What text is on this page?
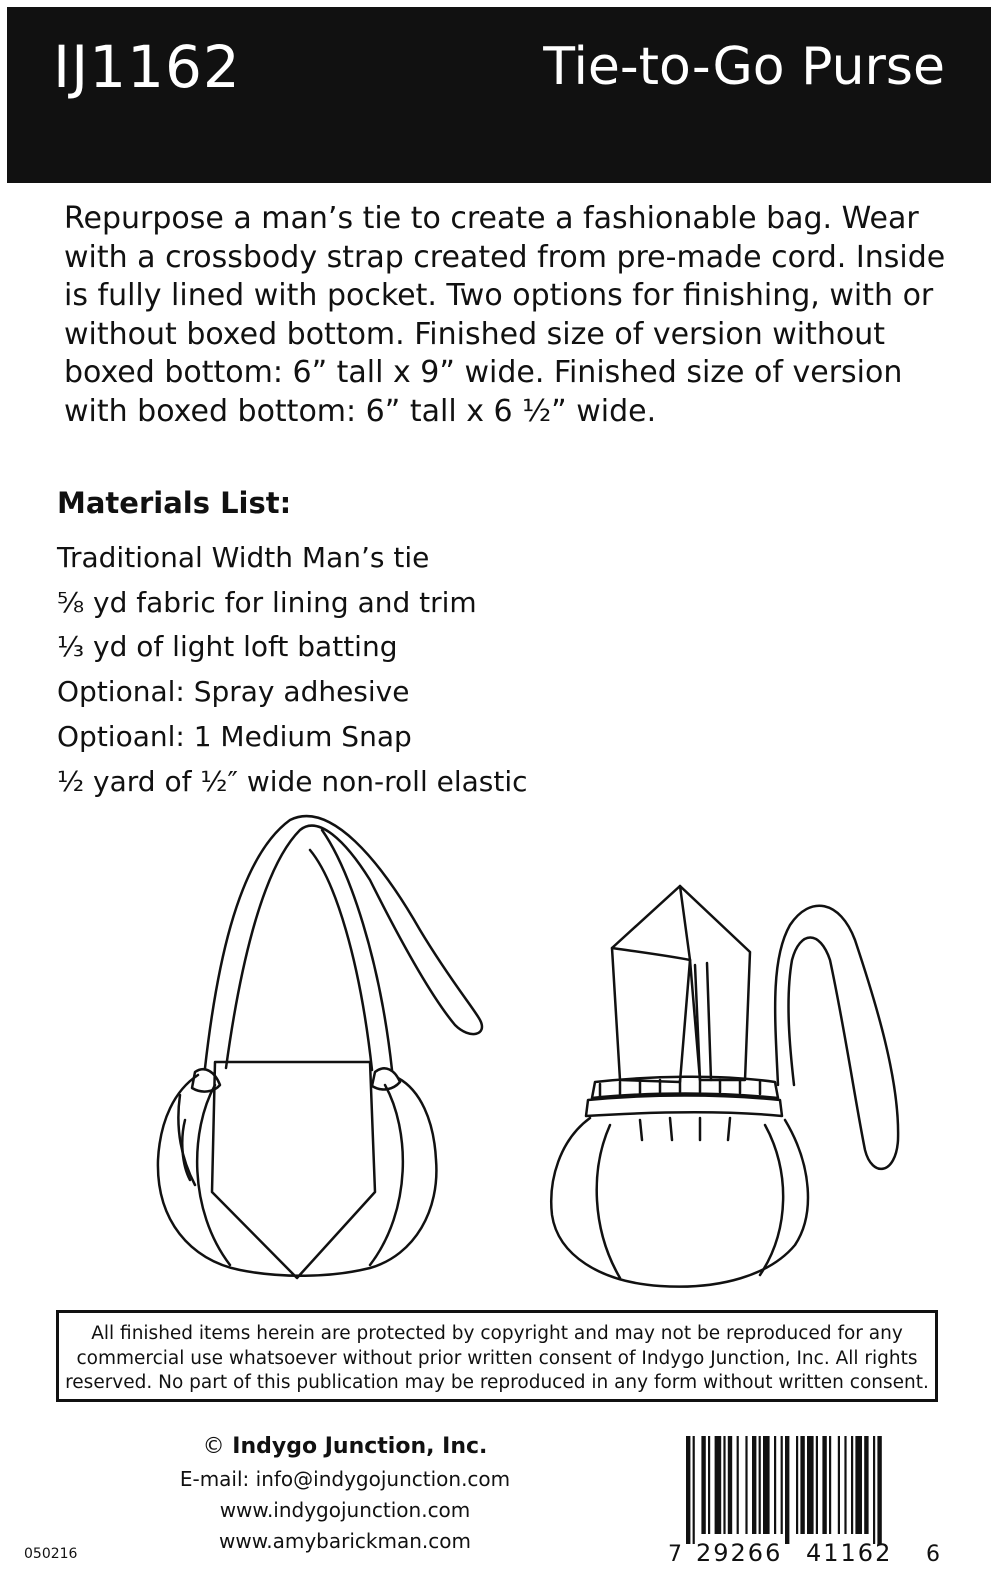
IJ1162	Tie-to-Go Purse

Repurpose a man’s tie to create a fashionable bag. Wear with a crossbody strap created from pre-made cord. Inside is fully lined with pocket. Two options for finishing, with or without boxed bottom. Finished size of version without boxed bottom: 6” tall x 9” wide. Finished size of version with boxed bottom: 6” tall x 6 ½” wide.

Materials List:
Traditional Width Man’s tie
⅝ yd fabric for lining and trim
⅓ yd of light loft batting
Optional: Spray adhesive
Optioanl: 1 Medium Snap
½ yard of ½″ wide non-roll elastic
All finished items herein are protected by copyright and may not be reproduced for any commercial use whatsoever without prior written consent of Indygo Junction, Inc. All rights reserved. No part of this publication may be reproduced in any form without written consent.
© Indygo Junction, Inc.
E-mail: info@indygojunction.com
www.indygojunction.com
www.amybarickman.com
050216	7 29266 41162 6
